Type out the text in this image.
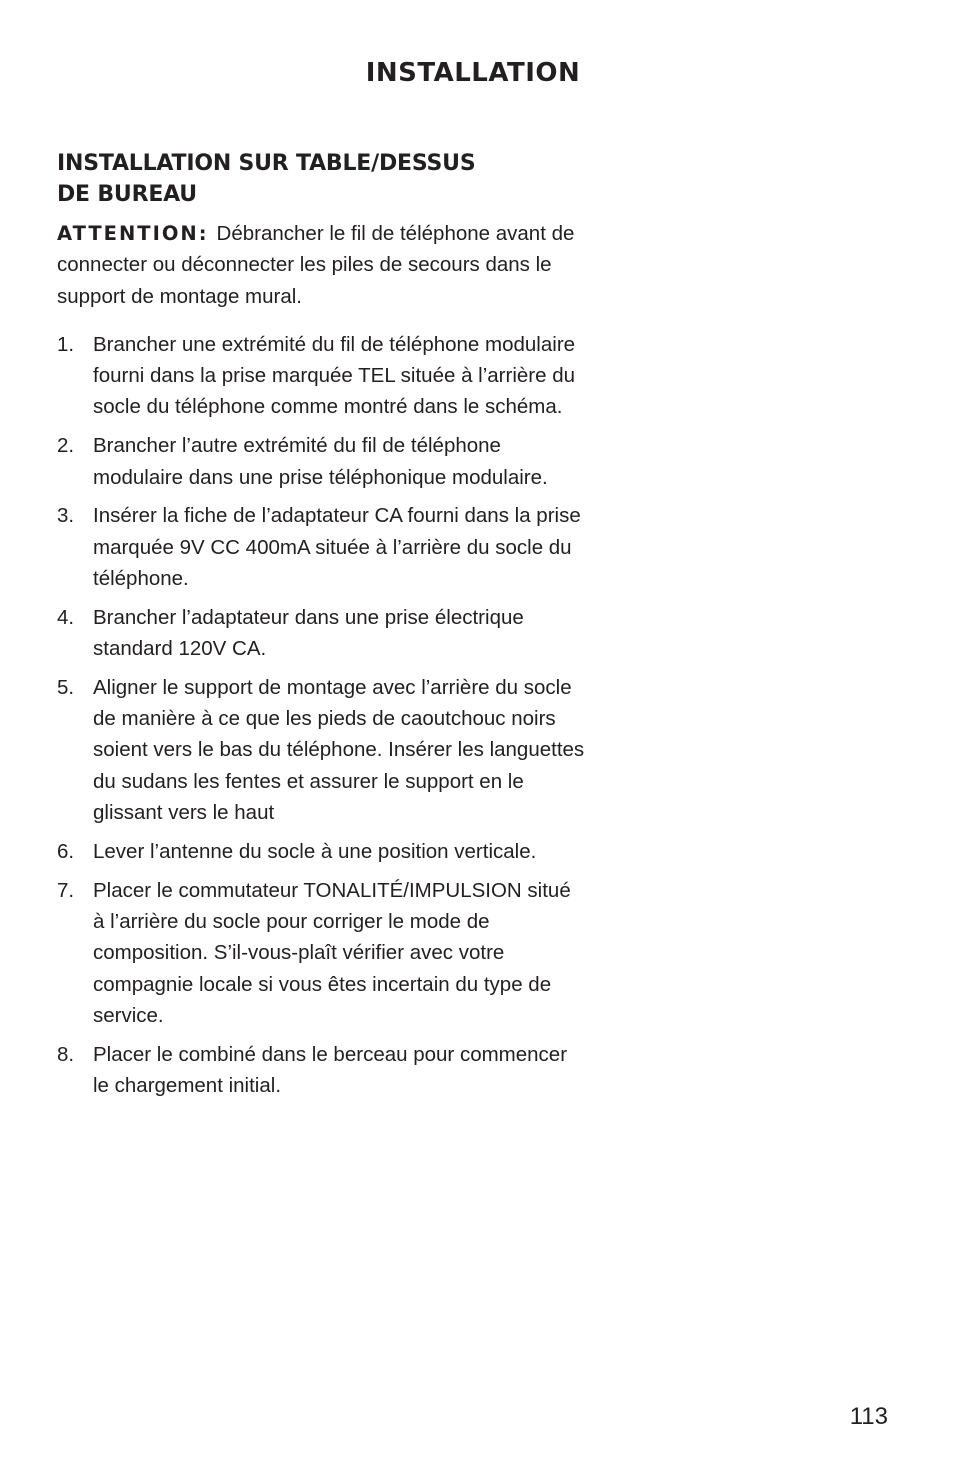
INSTALLATION
INSTALLATION SUR TABLE/DESSUS
DE BUREAU

ATTENTION: Débrancher le fil de téléphone avant de connecter ou déconnecter les piles de secours dans le support de montage mural.

1. Brancher une extrémité du fil de téléphone modulaire fourni dans la prise marquée TEL située à l’arrière du socle du téléphone comme montré dans le schéma.
2. Brancher l’autre extrémité du fil de téléphone modulaire dans une prise téléphonique modulaire.
3. Insérer la fiche de l’adaptateur CA fourni dans la prise marquée 9V CC 400mA située à l’arrière du socle du téléphone.
4. Brancher l’adaptateur dans une prise électrique standard 120V CA.
5. Aligner le support de montage avec l’arrière du socle de manière à ce que les pieds de caoutchouc noirs soient vers le bas du téléphone. Insérer les languettes du sudans les fentes et assurer le support en le glissant vers le haut
6. Lever l’antenne du socle à une position verticale.
7. Placer le commutateur TONALITÉ/IMPULSION situé à l’arrière du socle pour corriger le mode de composition. S’il-vous-plaît vérifier avec votre compagnie locale si vous êtes incertain du type de service.
8. Placer le combiné dans le berceau pour commencer le chargement initial.
113
